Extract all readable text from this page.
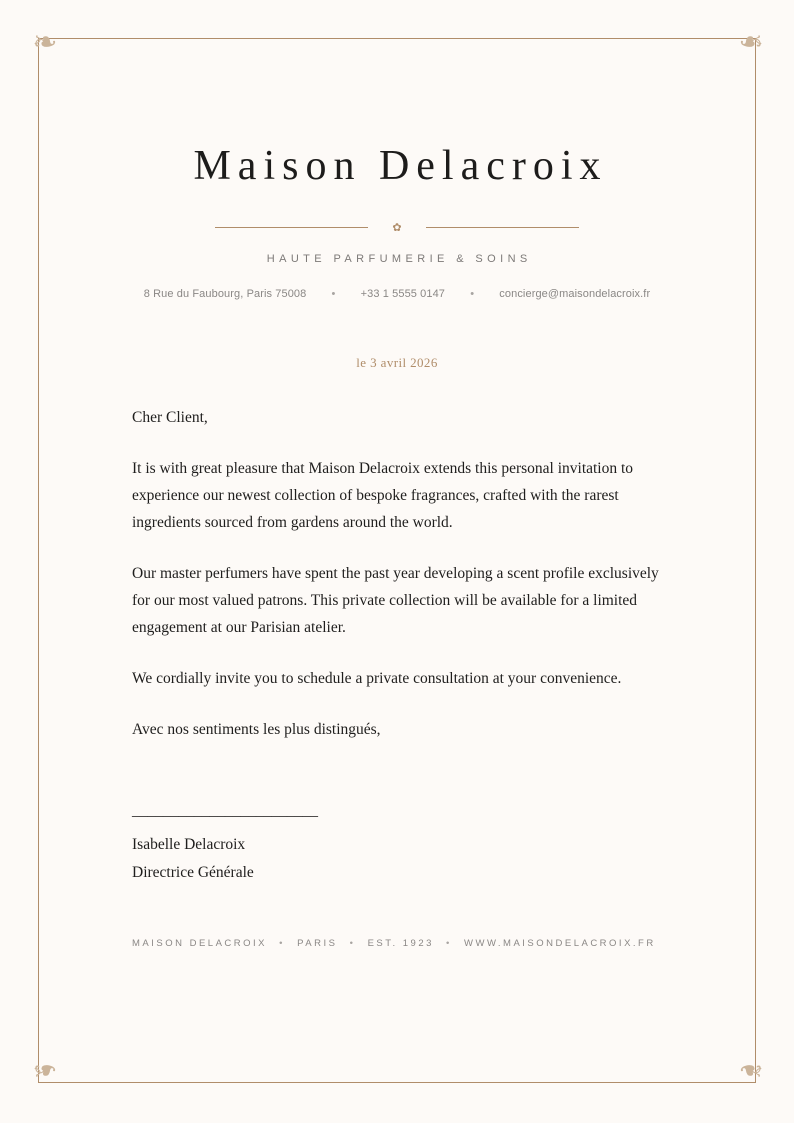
❧	❧
❧	❧
Maison Delacroix
✿
HAUTE PARFUMERIE & SOINS
8 Rue du Faubourg, Paris 75008 • +33 1 5555 0147 • concierge@maisondelacroix.fr
le 3 avril 2026

Cher Client,

It is with great pleasure that Maison Delacroix extends this personal invitation to experience our newest collection of bespoke fragrances, crafted with the rarest ingredients sourced from gardens around the world.

Our master perfumers have spent the past year developing a scent profile exclusively for our most valued patrons. This private collection will be available for a limited engagement at our Parisian atelier.

We cordially invite you to schedule a private consultation at your convenience.

Avec nos sentiments les plus distingués,

________________________
Isabelle Delacroix
Directrice Générale
MAISON DELACROIX • PARIS • EST. 1923 • WWW.MAISONDELACROIX.FR
